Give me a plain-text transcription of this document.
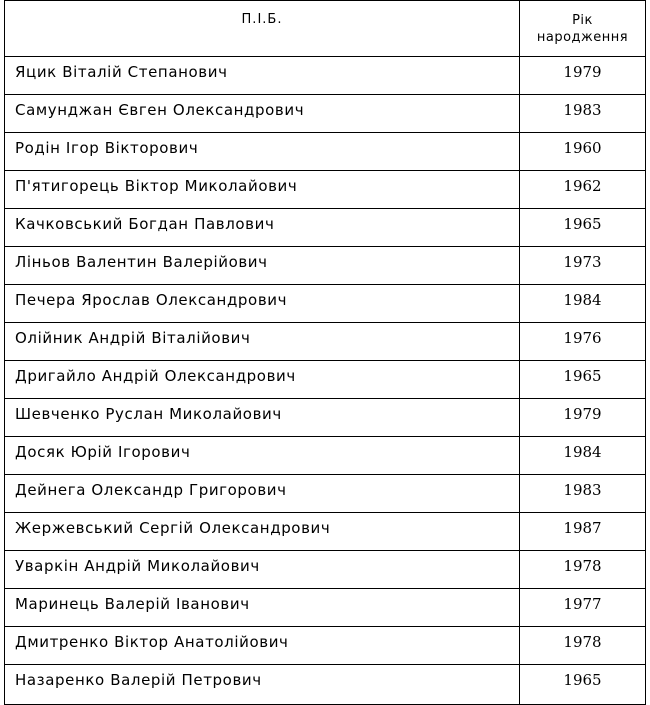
П.І.Б.	Рік
народження
Яцик Віталій Степанович	1979
Самунджан Євген Олександрович	1983
Родін Ігор Вікторович	1960
П'ятигорець Віктор Миколайович	1962
Качковський Богдан Павлович	1965
Ліньов Валентин Валерійович	1973
Печера Ярослав Олександрович	1984
Олійник Андрій Віталійович	1976
Дригайло Андрій Олександрович	1965
Шевченко Руслан Миколайович	1979
Досяк Юрій Ігорович	1984
Дейнега Олександр Григорович	1983
Жержевський Сергій Олександрович	1987
Уваркін Андрій Миколайович	1978
Маринець Валерій Іванович	1977
Дмитренко Віктор Анатолійович	1978
Назаренко Валерій Петрович	1965
